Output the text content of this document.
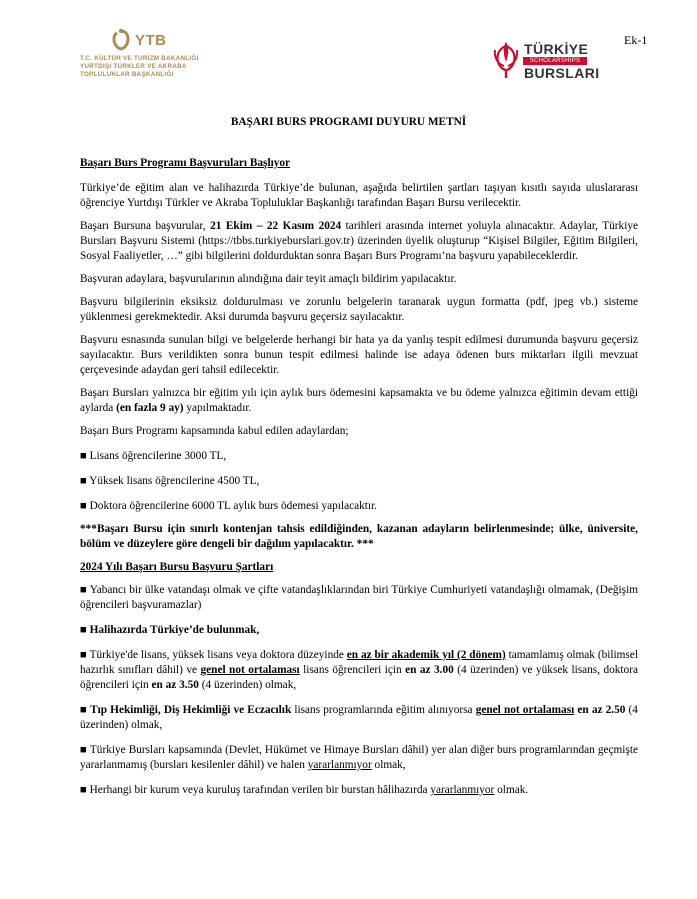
YTB
T.C. KÜLTÜR VE TURİZM BAKANLIĞI
YURTDIŞI TÜRKLER VE AKRABA
TOPLULUKLAR BAŞKANLIĞI
TÜRKİYE
SCHOLARSHIPS
BURSLARI
Ek-1
BAŞARI BURS PROGRAMI DUYURU METNİ

Başarı Burs Programı Başvuruları Başlıyor

Türkiye’de eğitim alan ve halihazırda Türkiye’de bulunan, aşağıda belirtilen şartları taşıyan kısıtlı sayıda uluslararası öğrenciye Yurtdışı Türkler ve Akraba Topluluklar Başkanlığı tarafından Başarı Bursu verilecektir.

Başarı Bursuna başvurular, 21 Ekim – 22 Kasım 2024 tarihleri arasında internet yoluyla alınacaktır. Adaylar, Türkiye Bursları Başvuru Sistemi (https://tbbs.turkiyeburslari.gov.tr) üzerinden üyelik oluşturup “Kişisel Bilgiler, Eğitim Bilgileri, Sosyal Faaliyetler, …” gibi bilgilerini doldurduktan sonra Başarı Burs Programı’na başvuru yapabileceklerdir.

Başvuran adaylara, başvurularının alındığına dair teyit amaçlı bildirim yapılacaktır.

Başvuru bilgilerinin eksiksiz doldurulması ve zorunlu belgelerin taranarak uygun formatta (pdf, jpeg vb.) sisteme yüklenmesi gerekmektedir. Aksi durumda başvuru geçersiz sayılacaktır.

Başvuru esnasında sunulan bilgi ve belgelerde herhangi bir hata ya da yanlış tespit edilmesi durumunda başvuru geçersiz sayılacaktır. Burs verildikten sonra bunun tespit edilmesi halinde ise adaya ödenen burs miktarları ilgili mevzuat çerçevesinde adaydan geri tahsil edilecektir.

Başarı Bursları yalnızca bir eğitim yılı için aylık burs ödemesini kapsamakta ve bu ödeme yalnızca eğitimin devam ettiği aylarda (en fazla 9 ay) yapılmaktadır.

Başarı Burs Programı kapsamında kabul edilen adaylardan;

■ Lisans öğrencilerine 3000 TL,

■ Yüksek lisans öğrencilerine 4500 TL,

■ Doktora öğrencilerine 6000 TL aylık burs ödemesi yapılacaktır.

***Başarı Bursu için sınırlı kontenjan tahsis edildiğinden, kazanan adayların belirlenmesinde; ülke, üniversite, bölüm ve düzeylere göre dengeli bir dağılım yapılacaktır. ***

2024 Yılı Başarı Bursu Başvuru Şartları

■ Yabancı bir ülke vatandaşı olmak ve çifte vatandaşlıklarından biri Türkiye Cumhuriyeti vatandaşlığı olmamak, (Değişim öğrencileri başvuramazlar)

■ Halihazırda Türkiye’de bulunmak,

■ Türkiye'de lisans, yüksek lisans veya doktora düzeyinde en az bir akademik yıl (2 dönem) tamamlamış olmak (bilimsel hazırlık sınıfları dâhil) ve genel not ortalaması lisans öğrencileri için en az 3.00 (4 üzerinden) ve yüksek lisans, doktora öğrencileri için en az 3.50 (4 üzerinden) olmak,

■ Tıp Hekimliği, Diş Hekimliği ve Eczacılık lisans programlarında eğitim alınıyorsa genel not ortalaması en az 2.50 (4 üzerinden) olmak,

■ Türkiye Bursları kapsamında (Devlet, Hükümet ve Himaye Bursları dâhil) yer alan diğer burs programlarından geçmişte yararlanmamış (bursları kesilenler dâhil) ve halen yararlanmıyor olmak,

■ Herhangi bir kurum veya kuruluş tarafından verilen bir burstan hâlihazırda yararlanmıyor olmak.
